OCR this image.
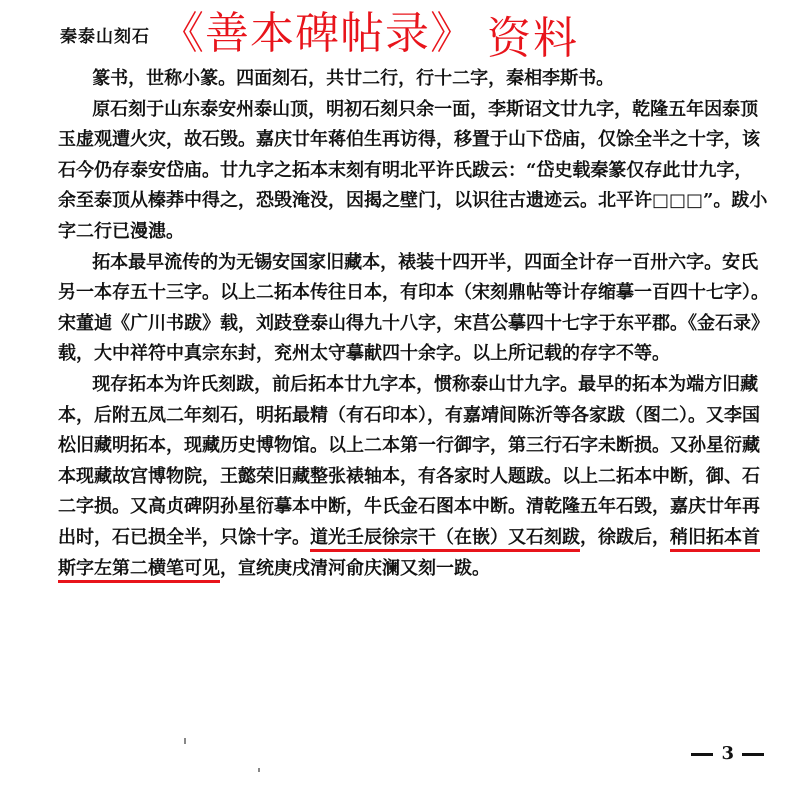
秦泰山刻石 《善本碑帖录》 资料

篆书，世称小篆。四面刻石，共廿二行，行十二字，秦相李斯书。

原石刻于山东泰安州泰山顶，明初石刻只余一面，李斯诏文廿九字，乾隆五年因泰顶玉虚观遭火灾，故石毁。嘉庆廿年蒋伯生再访得，移置于山下岱庙，仅馀全半之十字，该石今仍存泰安岱庙。廿九字之拓本末刻有明北平许氏跋云：“岱史载秦篆仅存此廿九字，余至泰顶从榛莽中得之，恐毁淹没，因揭之壁门，以识往古遗迹云。北平许□□□”。跋小字二行已漫漶。

拓本最早流传的为无锡安国家旧藏本，裱装十四开半，四面全计存一百卅六字。安氏另一本存五十三字。以上二拓本传往日本，有印本（宋刻鼎帖等计存缩摹一百四十七字）。宋董逌《广川书跋》载，刘跂登泰山得九十八字，宋莒公摹四十七字于东平郡。《金石录》载，大中祥符中真宗东封，兖州太守摹献四十余字。以上所记载的存字不等。

现存拓本为许氏刻跋，前后拓本廿九字本，惯称泰山廿九字。最早的拓本为端方旧藏本，后附五凤二年刻石，明拓最精（有石印本），有嘉靖间陈沂等各家跋（图二）。又李国松旧藏明拓本，现藏历史博物馆。以上二本第一行御字，第三行石字未断损。又孙星衍藏本现藏故宫博物院，王懿荣旧藏整张裱轴本，有各家时人题跋。以上二拓本中断，御、石二字损。又高贞碑阴孙星衍摹本中断，牛氏金石图本中断。清乾隆五年石毁，嘉庆廿年再出时，石已损全半，只馀十字。道光壬辰徐宗干（在嵌）又石刻跋，徐跋后，稍旧拓本首斯字左第二横笔可见，宣统庚戌清河俞庆澜又刻一跋。

3
